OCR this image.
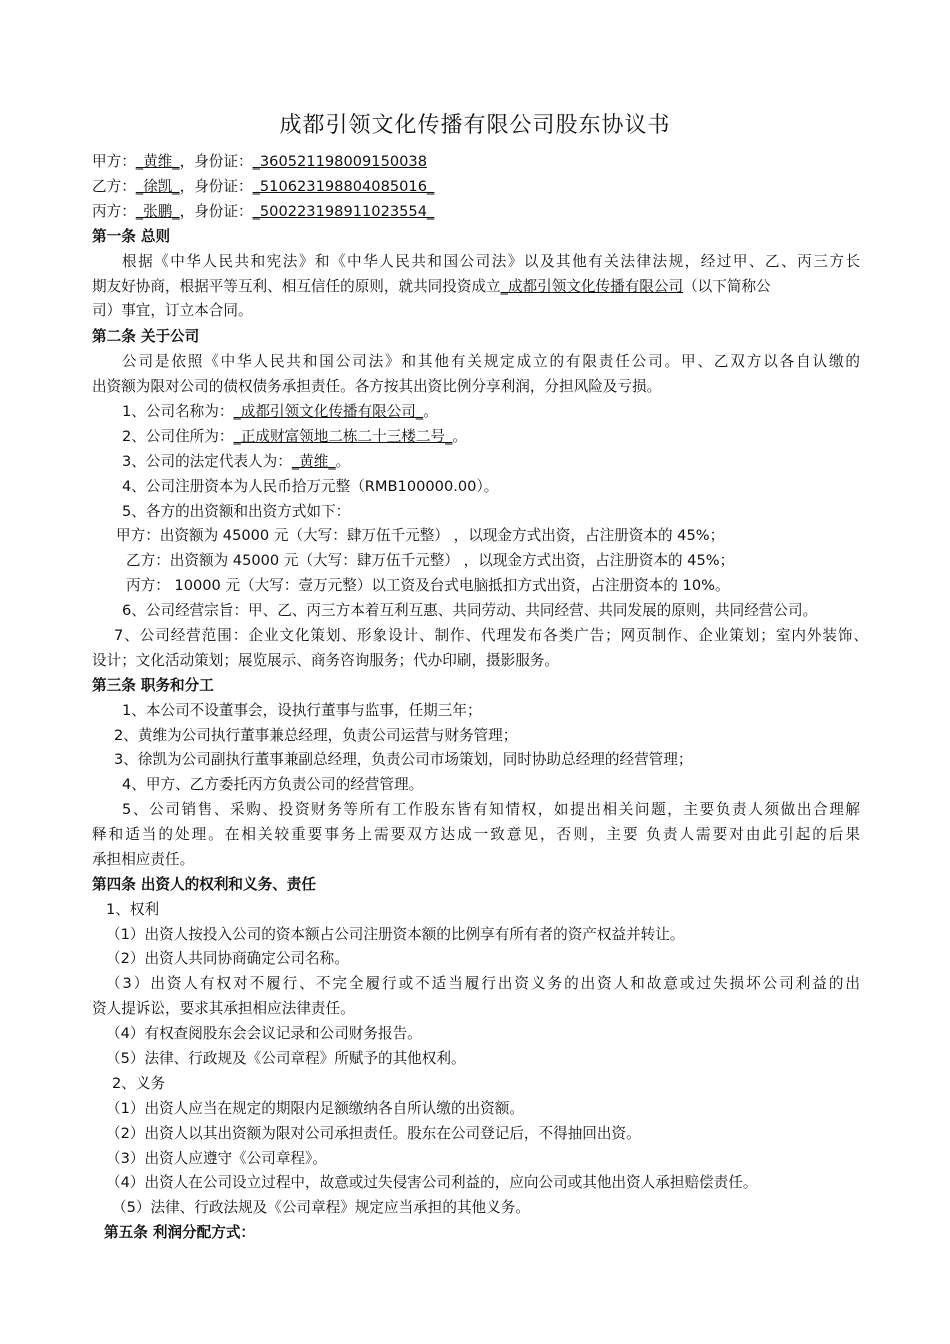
成都引领文化传播有限公司股东协议书
甲方：_黄维_，身份证：_360521198009150038
乙方：_徐凯_，身份证：_510623198804085016_
丙方：_张鹏_，身份证：_500223198911023554_
第一条 总则
根据《中华人民共和宪法》和《中华人民共和国公司法》以及其他有关法律法规，经过甲、乙、丙三方长
期友好协商，根据平等互利、相互信任的原则，就共同投资成立_成都引领文化传播有限公司（以下简称公
司）事宜，订立本合同。
第二条 关于公司
公司是依照《中华人民共和国公司法》和其他有关规定成立的有限责任公司。甲、乙双方以各自认缴的
出资额为限对公司的债权债务承担责任。各方按其出资比例分享利润，分担风险及亏损。
1、公司名称为：_成都引领文化传播有限公司_。
2、公司住所为：_正成财富领地二栋二十三楼二号_。
3、公司的法定代表人为：_黄维_。
4、公司注册资本为人民币拾万元整（RMB100000.00）。
5、各方的出资额和出资方式如下：
甲方：出资额为 45000 元（大写：肆万伍千元整） ，以现金方式出资，占注册资本的 45%；
乙方：出资额为 45000 元（大写：肆万伍千元整） ，以现金方式出资，占注册资本的 45%；
丙方： 10000 元（大写：壹万元整）以工资及台式电脑抵扣方式出资，占注册资本的 10%。
6、公司经营宗旨：甲、乙、丙三方本着互利互惠、共同劳动、共同经营、共同发展的原则，共同经营公司。
7、公司经营范围：企业文化策划、形象设计、制作、代理发布各类广告；网页制作、企业策划；室内外装饰、
设计；文化活动策划；展览展示、商务咨询服务；代办印刷，摄影服务。
第三条 职务和分工
1、本公司不设董事会，设执行董事与监事，任期三年；
2、黄维为公司执行董事兼总经理，负责公司运营与财务管理；
3、徐凯为公司副执行董事兼副总经理，负责公司市场策划，同时协助总经理的经营管理；
4、甲方、乙方委托丙方负责公司的经营管理。
5、公司销售、采购、投资财务等所有工作股东皆有知情权，如提出相关问题，主要负责人须做出合理解
释和适当的处理。在相关较重要事务上需要双方达成一致意见，否则，主要 负责人需要对由此引起的后果
承担相应责任。
第四条 出资人的权利和义务、责任
1、权利
（1）出资人按投入公司的资本额占公司注册资本额的比例享有所有者的资产权益并转让。
（2）出资人共同协商确定公司名称。
（3）出资人有权对不履行、不完全履行或不适当履行出资义务的出资人和故意或过失损坏公司利益的出
资人提诉讼，要求其承担相应法律责任。
（4）有权查阅股东会会议记录和公司财务报告。
（5）法律、行政规及《公司章程》所赋予的其他权利。
2、义务
（1）出资人应当在规定的期限内足额缴纳各自所认缴的出资额。
（2）出资人以其出资额为限对公司承担责任。股东在公司登记后，不得抽回出资。
（3）出资人应遵守《公司章程》。
（4）出资人在公司设立过程中，故意或过失侵害公司利益的，应向公司或其他出资人承担赔偿责任。
（5）法律、行政法规及《公司章程》规定应当承担的其他义务。
第五条 利润分配方式：
